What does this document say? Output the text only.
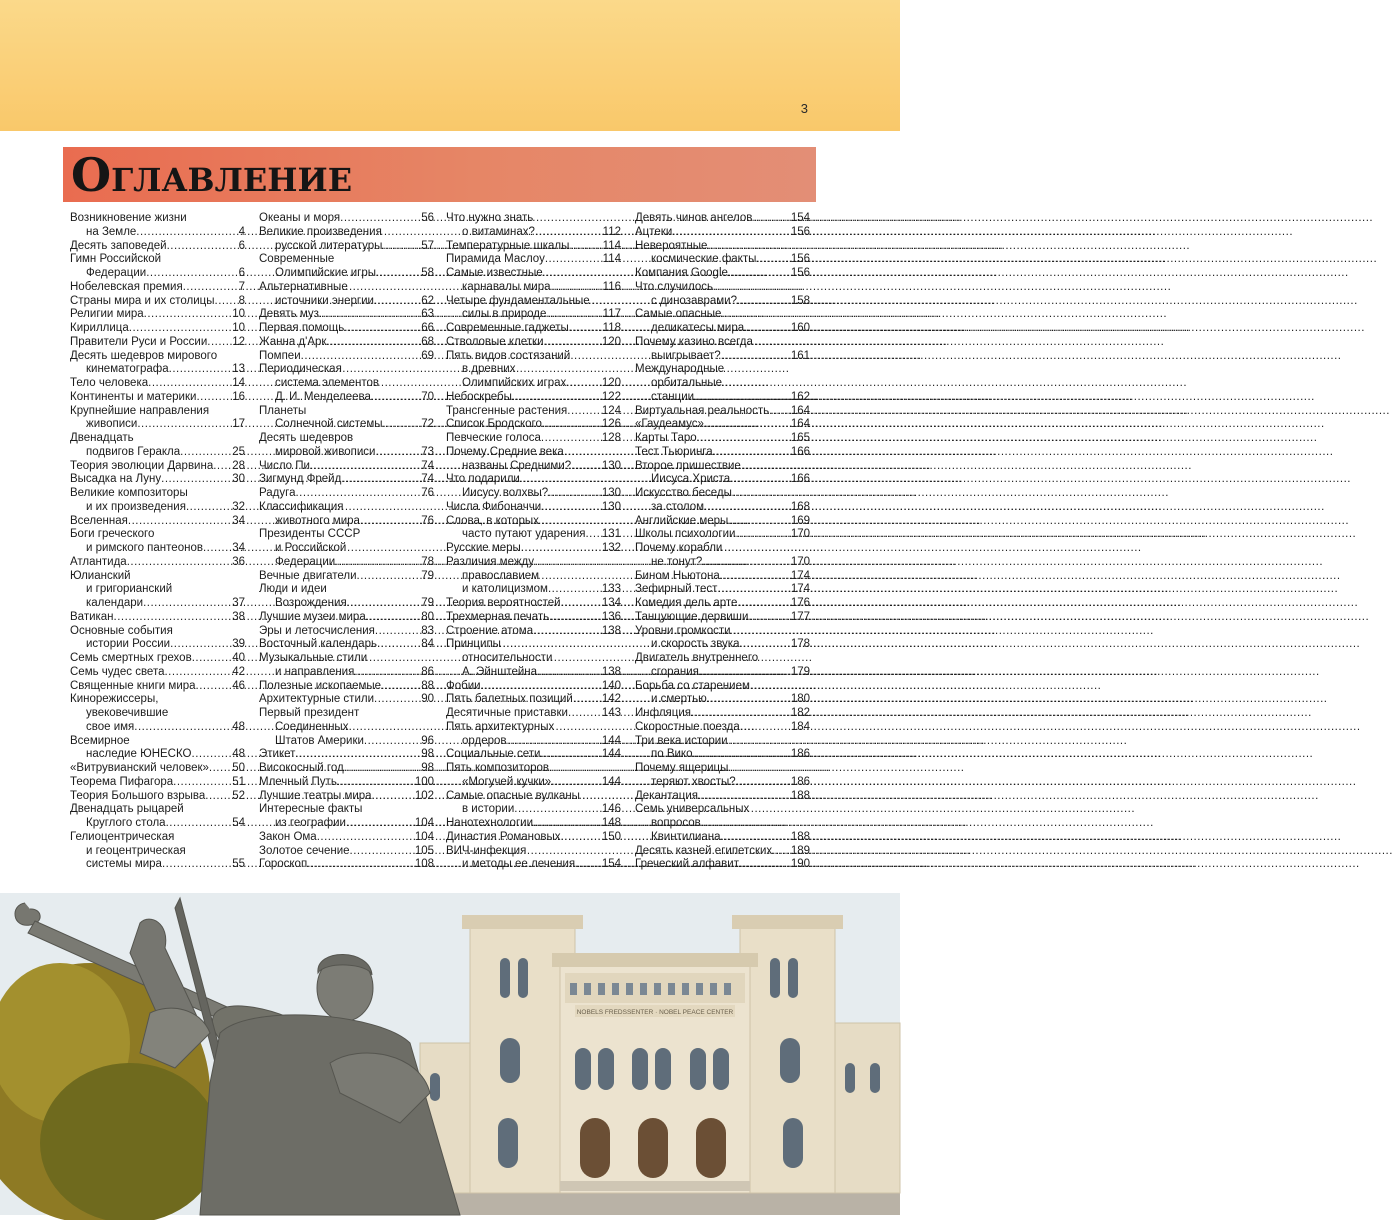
3
Оглавление
Возникновение жизни
на Земле .....	4
Десять заповедей .....	6
Гимн Российской
Федерации .....	6
Нобелевская премия .....	7
Страны мира и их столицы ..... 8
Религии мира .....	10
Кириллица .....	10
Правители Руси и России ..... 12
Десять шедевров мирового
кинематографа .....	13
Тело человека .....	14
Континенты и материки .....	16
Крупнейшие направления
живописи .....	17
Двенадцать
подвигов Геракла .....	25
Теория эволюции Дарвина ..... 28
Высадка на Луну .....	30
Великие композиторы
и их произведения .....	32
Вселенная .....	34
Боги греческого
и римского пантеонов .....	34
Атлантида .....	36
Юлианский
и григорианский
календари .....	37
Ватикан .....	38
Основные события
истории России .....	39
Семь смертных грехов .....	40
Семь чудес света .....	42
Священные книги мира .....	46
Кинорежиссеры,
увековечившие
свое имя .....	48
Всемирное
наследие ЮНЕСКО .....	48
«Витрувианский человек» ..... 50
Теорема Пифагора .....	51
Теория Большого взрыва ..... 52
Двенадцать рыцарей
Круглого стола .....	54
Гелиоцентрическая
и геоцентрическая
системы мира .....	55
Океаны и моря .....	56
Великие произведения
русской литературы .....	57
Современные
Олимпийские игры .....	58
Альтернативные
источники энергии .....	62
Девять муз .....	63
Первая помощь .....	66
Жанна д'Арк .....	68
Помпеи .....	69
Периодическая
система элементов
Д. И. Менделеева .....	70
Планеты
Солнечной системы .....	72
Десять шедевров
мировой живописи .....	73
Число Пи .....	74
Зигмунд Фрейд .....	74
Радуга .....	76
Классификация
животного мира .....	76
Президенты СССР
и Российской
Федерации .....	78
Вечные двигатели .....	79
Люди и идеи
Возрождения .....	79
Лучшие музеи мира .....	80
Эры и летосчисления .....	83
Восточный календарь .....	84
Музыкальные стили
и направления .....	86
Полезные ископаемые .....	88
Архитектурные стили .....	90
Первый президент
Соединенных
Штатов Америки .....	96
Этикет .....	98
Високосный год .....	98
Млечный Путь .....	100
Лучшие театры мира .....	102
Интересные факты
из географии .....	104
Закон Ома .....	104
Золотое сечение .....	105
Гороскоп .....	108
Что нужно знать
о витаминах? .....	112
Температурные шкалы .....	114
Пирамида Маслоу .....	114
Самые известные
карнавалы мира .....	116
Четыре фундаментальные
силы в природе .....	117
Современные гаджеты .....	118
Стволовые клетки .....	120
Пять видов состязаний
в древних
Олимпийских играх .....	120
Небоскребы .....	122
Трансгенные растения .....	124
Список Бродского .....	126
Певческие голоса .....	128
Почему Средние века
названы Средними? .....	130
Что подарили
Иисусу волхвы? .....	130
Числа Фибоначчи .....	130
Слова, в которых
часто путают ударения ..... 131
Русские меры .....	132
Различия между
православием
и католицизмом .....	133
Теория вероятностей .....	134
Трехмерная печать .....	136
Строение атома .....	138
Принципы
относительности
А. Эйнштейна .....	138
Фобии .....	140
Пять балетных позиций .....	142
Десятичные приставки .....	143
Пять архитектурных
ордеров .....	144
Социальные сети .....	144
Пять композиторов
«Могучей кучки» .....	144
Самые опасные вулканы
в истории .....	146
Нанотехнологии .....	148
Династия Романовых .....	150
ВИЧ-инфекция
и методы ее лечения ..... 154
Девять чинов ангелов .....	154
Ацтеки .....	156
Невероятные
космические факты .....	156
Компания Google .....	156
Что случилось
с динозаврами? .....	158
Самые опасные
деликатесы мира .....	160
Почему казино всегда
выигрывает? .....	161
Международные
орбитальные
станции .....	162
Виртуальная реальность ..... 164
«Гаудеамус» .....	164
Карты Таро .....	165
Тест Тьюринга .....	166
Второе пришествие
Иисуса Христа .....	166
Искусство беседы
за столом .....	168
Английские меры .....	169
Школы психологии .....	170
Почему корабли
не тонут? .....	170
Бином Ньютона .....	174
Зефирный тест .....	174
Комедия дель арте .....	176
Танцующие дервиши .....	177
Уровни громкости
и скорость звука .....	178
Двигатель внутреннего
сгорания .....	179
Борьба со старением
и смертью .....	180
Инфляция .....	182
Скоростные поезда .....	184
Три века истории
по Вико .....	186
Почему ящерицы
теряют хвосты? .....	186
Декантация .....	188
Семь универсальных
вопросов
Квинтилиана .....	188
Десять казней египетских ..... 189
Греческий алфавит .....	190
NOBELS FREDSSENTER · NOBEL PEACE CENTER
